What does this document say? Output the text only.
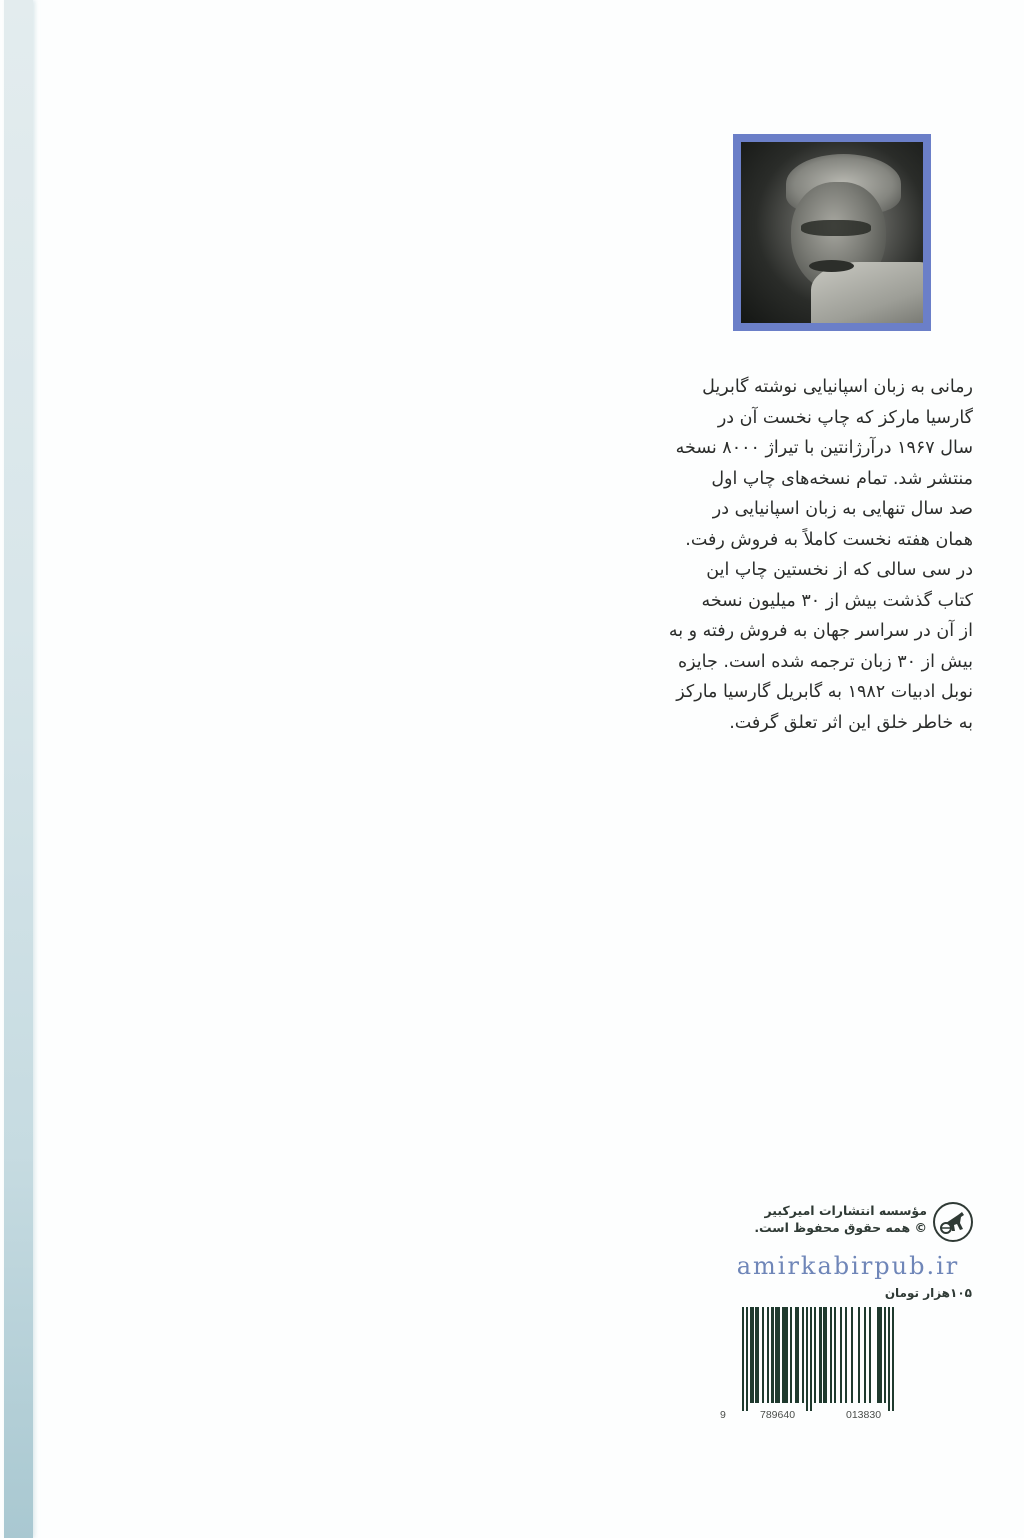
رمانی به زبان اسپانیایی نوشته گابریل
گارسیا مارکز که چاپ نخست آن در
سال ۱۹۶۷ درآرژانتین با تیراژ ۸۰۰۰ نسخه
منتشر شد. تمام نسخه‌های چاپ اول
صد سال تنهایی به زبان اسپانیایی در
همان هفته نخست کاملاً به فروش رفت.
در سی سالی که از نخستین چاپ این
کتاب گذشت بیش از ۳۰ میلیون نسخه
از آن در سراسر جهان به فروش رفته و به
بیش از ۳۰ زبان ترجمه شده است. جایزه
نوبل ادبیات ۱۹۸۲ به گابریل گارسیا مارکز
به خاطر خلق این اثر تعلق گرفت.
مؤسسه انتشارات امیرکبیر
© همه حقوق محفوظ است.
amirkabirpub.ir
۱۰۵هزار تومان
9	789640	013830
